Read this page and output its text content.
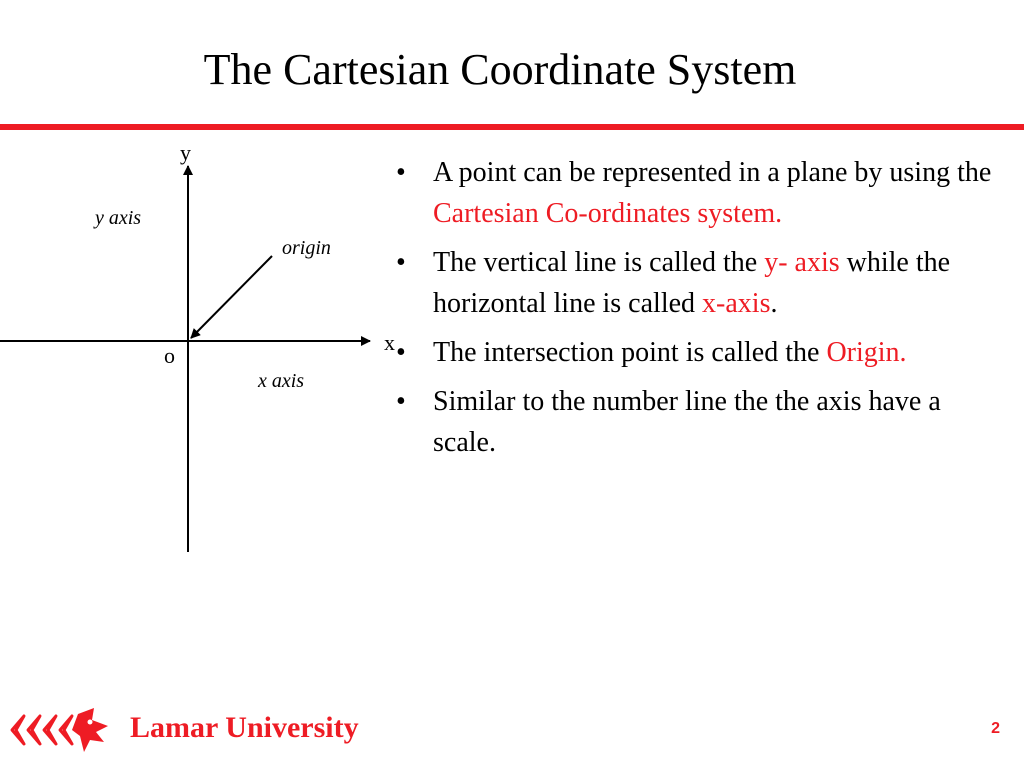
The Cartesian Coordinate System
y
x
o
y axis
origin
x axis
• A point can be represented in a plane by using the Cartesian Co-ordinates system.
• The vertical line is called the y- axis while the horizontal line is called x-axis.
• The intersection point is called the Origin.
• Similar to the number line the the axis have a scale.
Lamar University	2
